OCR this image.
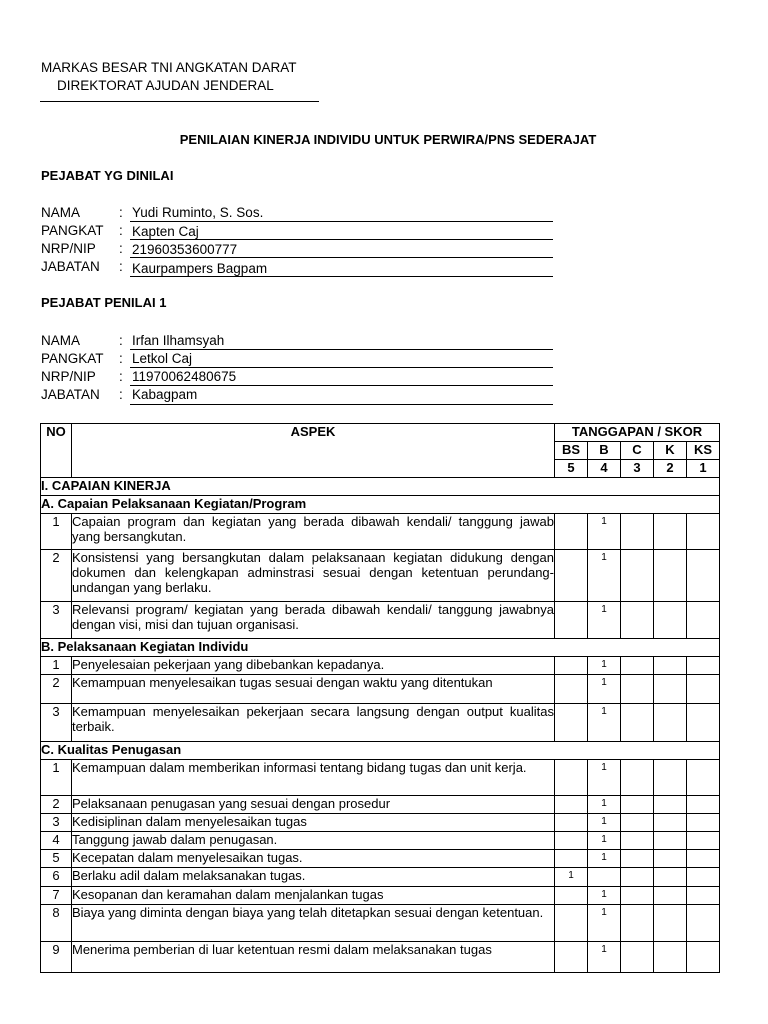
MARKAS BESAR TNI ANGKATAN DARAT
DIREKTORAT AJUDAN JENDERAL
PENILAIAN KINERJA INDIVIDU UNTUK PERWIRA/PNS SEDERAJAT
PEJABAT YG DINILAI
NAMA	: Yudi Ruminto, S. Sos.
PANGKAT : Kapten Caj
NRP/NIP : 21960353600777
JABATAN : Kaurpampers Bagpam
PEJABAT PENILAI 1
NAMA	: Irfan Ilhamsyah
PANGKAT : Letkol Caj
NRP/NIP : 11970062480675
JABATAN : Kabagpam
NO	ASPEK	TANGGAPAN / SKOR				
		BS	B	C	K	KS
		5	4	3	2	1
I. CAPAIAN KINERJA						
A. Capaian Pelaksanaan Kegiatan/Program						
1	Capaian program dan kegiatan yang berada dibawah kendali/ tanggung jawab yang bersangkutan.		1			
2	Konsistensi yang bersangkutan dalam pelaksanaan kegiatan didukung dengan dokumen dan kelengkapan adminstrasi sesuai dengan ketentuan perundang-undangan yang berlaku.		1			
3	Relevansi program/ kegiatan yang berada dibawah kendali/ tanggung jawabnya dengan visi, misi dan tujuan organisasi.		1			
B. Pelaksanaan Kegiatan Individu						
1	Penyelesaian pekerjaan yang dibebankan kepadanya.		1			
2	Kemampuan menyelesaikan tugas sesuai dengan waktu yang ditentukan		1			
3	Kemampuan menyelesaikan pekerjaan secara langsung dengan output kualitas terbaik.		1			
C. Kualitas Penugasan						
1	Kemampuan dalam memberikan informasi tentang bidang tugas dan unit kerja.		1			
2	Pelaksanaan penugasan yang sesuai dengan prosedur		1			
3	Kedisiplinan dalam menyelesaikan tugas		1			
4	Tanggung jawab dalam penugasan.		1			
5	Kecepatan dalam menyelesaikan tugas.		1			
6	Berlaku adil dalam melaksanakan tugas.	1				
7	Kesopanan dan keramahan dalam menjalankan tugas		1			
8	Biaya yang diminta dengan biaya yang telah ditetapkan sesuai dengan ketentuan.		1			
9	Menerima pemberian di luar ketentuan resmi dalam melaksanakan tugas		1			
